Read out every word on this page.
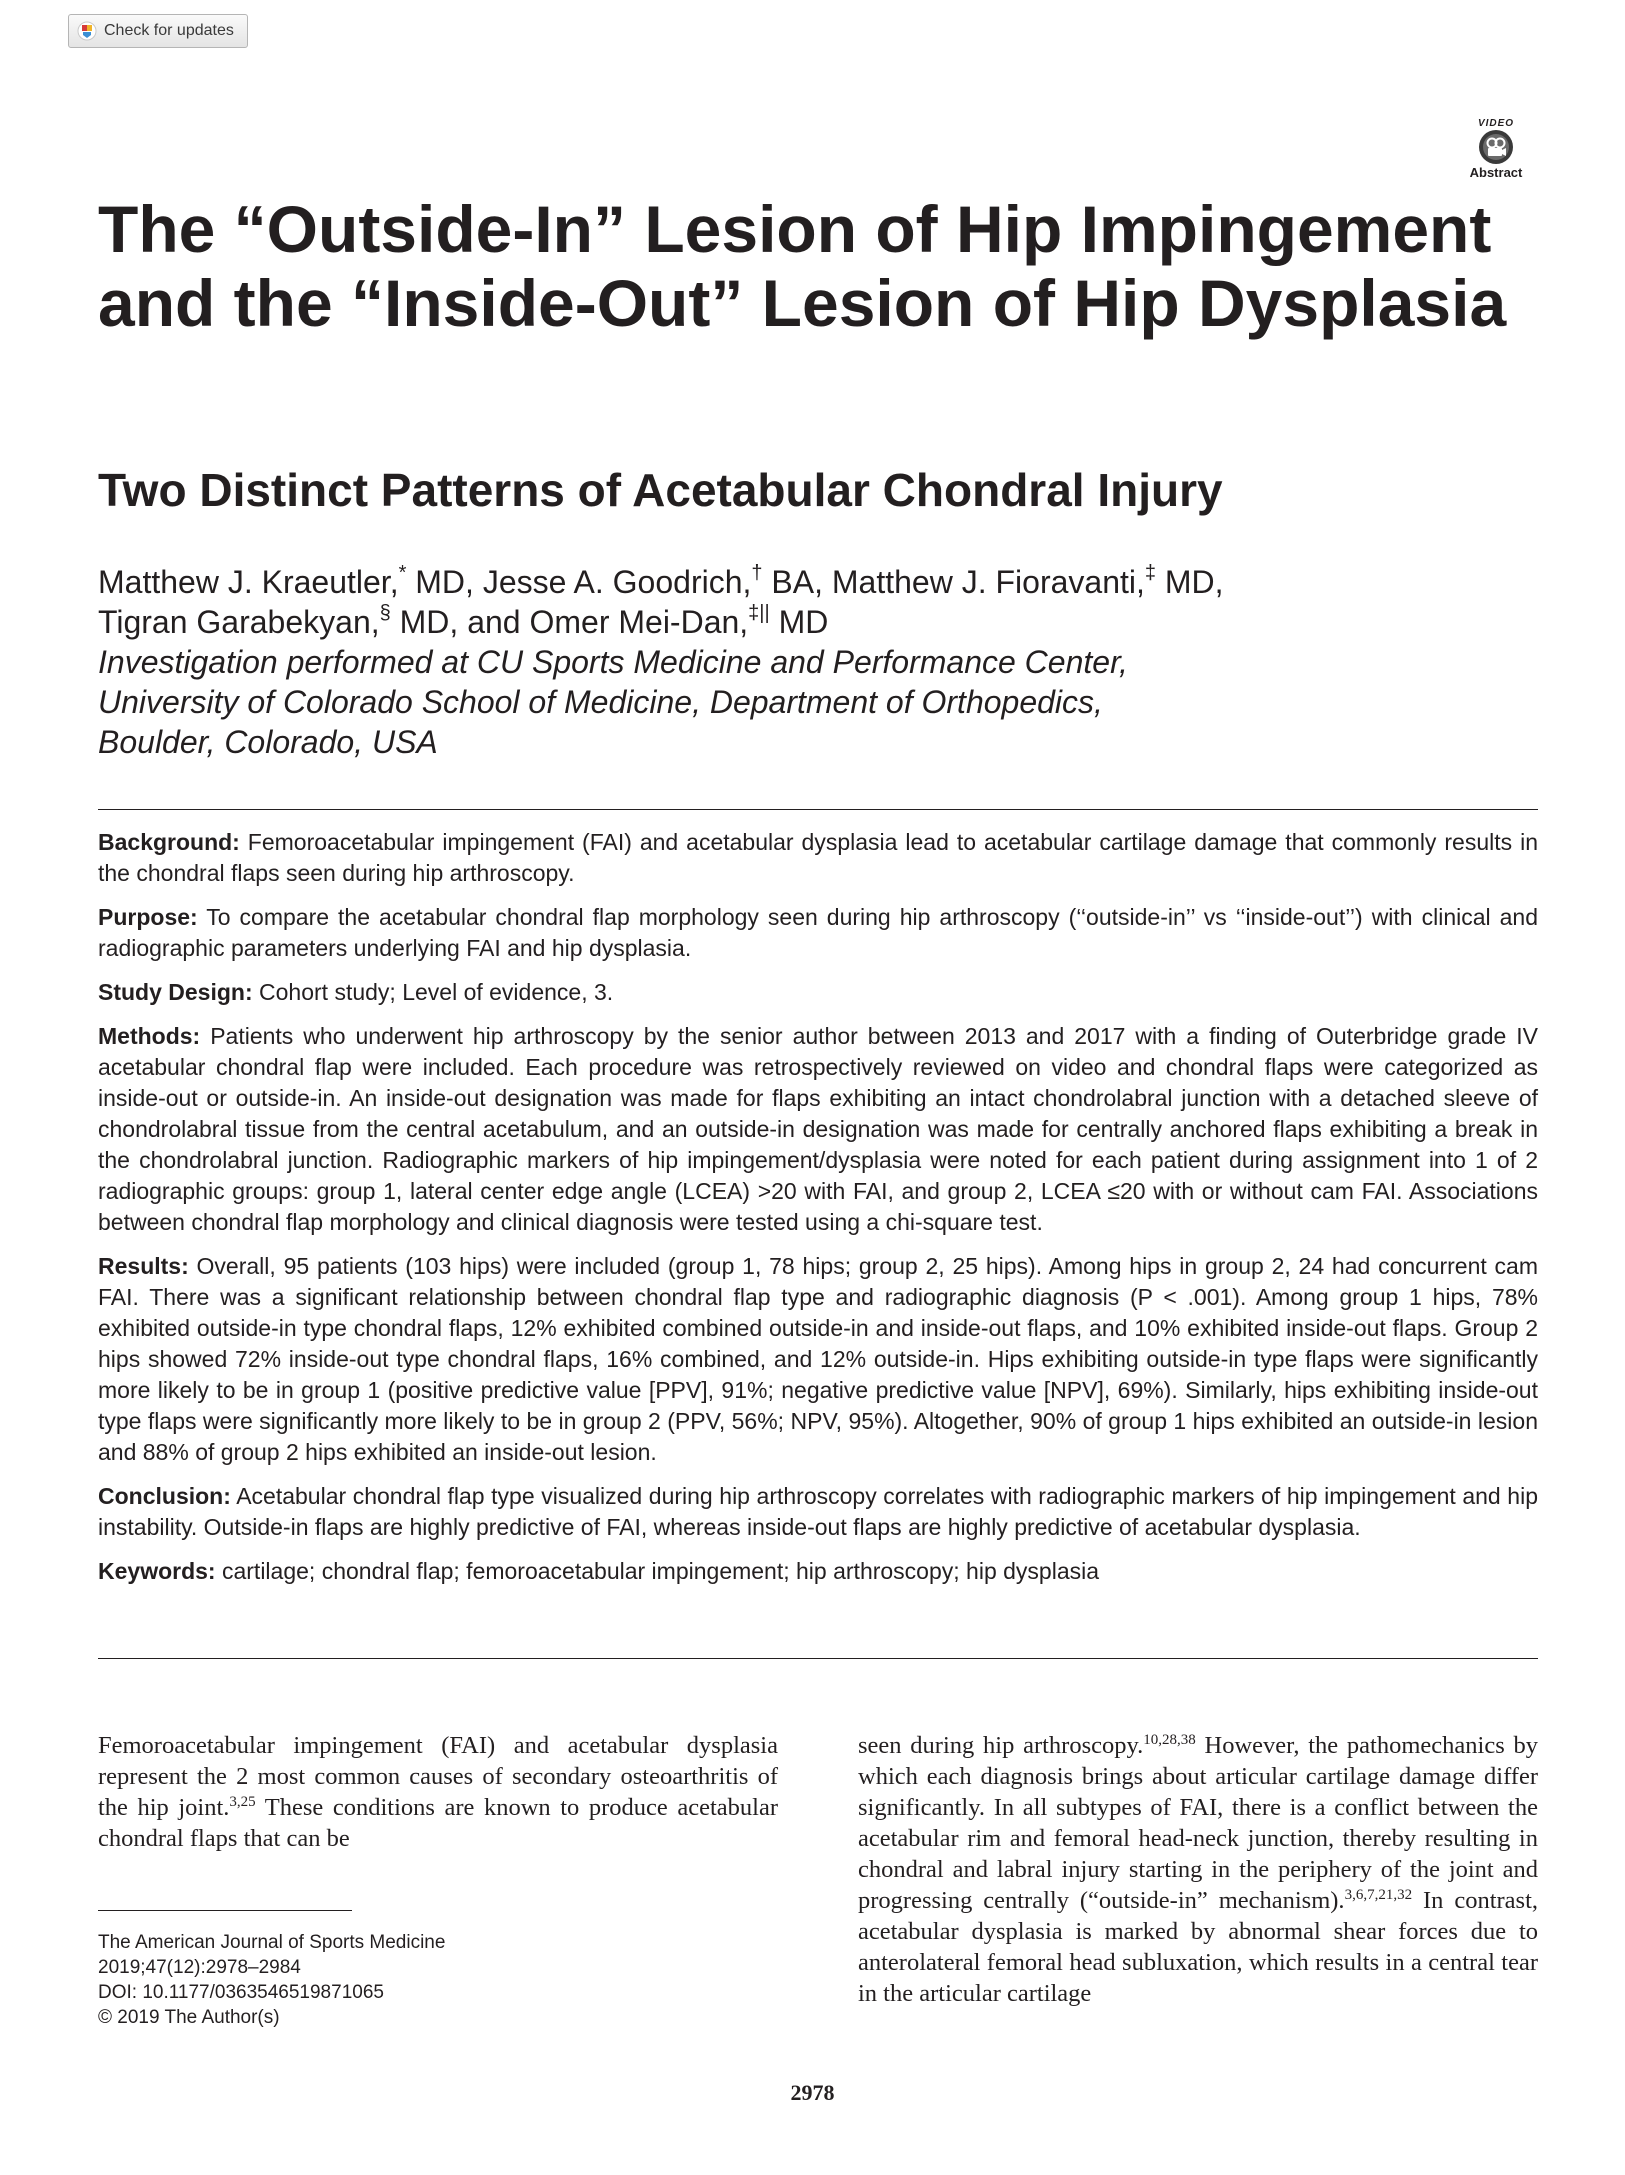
Check for updates
VIDEO
Abstract
The “Outside-In” Lesion of Hip Impingement and the “Inside-Out” Lesion of Hip Dysplasia
Two Distinct Patterns of Acetabular Chondral Injury
Matthew J. Kraeutler,* MD, Jesse A. Goodrich,† BA, Matthew J. Fioravanti,‡ MD,
Tigran Garabekyan,§ MD, and Omer Mei-Dan,‡|| MD
Investigation performed at CU Sports Medicine and Performance Center,
University of Colorado School of Medicine, Department of Orthopedics,
Boulder, Colorado, USA

Background: Femoroacetabular impingement (FAI) and acetabular dysplasia lead to acetabular cartilage damage that commonly results in the chondral flaps seen during hip arthroscopy.

Purpose: To compare the acetabular chondral flap morphology seen during hip arthroscopy (‘‘outside-in’’ vs ‘‘inside-out’’) with clinical and radiographic parameters underlying FAI and hip dysplasia.

Study Design: Cohort study; Level of evidence, 3.

Methods: Patients who underwent hip arthroscopy by the senior author between 2013 and 2017 with a finding of Outerbridge grade IV acetabular chondral flap were included. Each procedure was retrospectively reviewed on video and chondral flaps were categorized as inside-out or outside-in. An inside-out designation was made for flaps exhibiting an intact chondrolabral junction with a detached sleeve of chondrolabral tissue from the central acetabulum, and an outside-in designation was made for centrally anchored flaps exhibiting a break in the chondrolabral junction. Radiographic markers of hip impingement/dysplasia were noted for each patient during assignment into 1 of 2 radiographic groups: group 1, lateral center edge angle (LCEA) >20 with FAI, and group 2, LCEA ≤20 with or without cam FAI. Associations between chondral flap morphology and clinical diagnosis were tested using a chi-square test.

Results: Overall, 95 patients (103 hips) were included (group 1, 78 hips; group 2, 25 hips). Among hips in group 2, 24 had concurrent cam FAI. There was a significant relationship between chondral flap type and radiographic diagnosis (P < .001). Among group 1 hips, 78% exhibited outside-in type chondral flaps, 12% exhibited combined outside-in and inside-out flaps, and 10% exhibited inside-out flaps. Group 2 hips showed 72% inside-out type chondral flaps, 16% combined, and 12% outside-in. Hips exhibiting outside-in type flaps were significantly more likely to be in group 1 (positive predictive value [PPV], 91%; negative predictive value [NPV], 69%). Similarly, hips exhibiting inside-out type flaps were significantly more likely to be in group 2 (PPV, 56%; NPV, 95%). Altogether, 90% of group 1 hips exhibited an outside-in lesion and 88% of group 2 hips exhibited an inside-out lesion.

Conclusion: Acetabular chondral flap type visualized during hip arthroscopy correlates with radiographic markers of hip impingement and hip instability. Outside-in flaps are highly predictive of FAI, whereas inside-out flaps are highly predictive of acetabular dysplasia.

Keywords: cartilage; chondral flap; femoroacetabular impingement; hip arthroscopy; hip dysplasia

Femoroacetabular impingement (FAI) and acetabular dysplasia represent the 2 most common causes of secondary osteoarthritis of the hip joint.$^{3,25}$ These conditions are known to produce acetabular chondral flaps that can be

seen during hip arthroscopy.$^{10,28,38}$ However, the pathomechanics by which each diagnosis brings about articular cartilage damage differ significantly. In all subtypes of FAI, there is a conflict between the acetabular rim and femoral head-neck junction, thereby resulting in chondral and labral injury starting in the periphery of the joint and progressing centrally (“outside-in” mechanism).$^{3,6,7,21,32}$ In contrast, acetabular dysplasia is marked by abnormal shear forces due to anterolateral femoral head subluxation, which results in a central tear in the articular cartilage

The American Journal of Sports Medicine
2019;47(12):2978–2984
DOI: 10.1177/0363546519871065
© 2019 The Author(s)
2978
